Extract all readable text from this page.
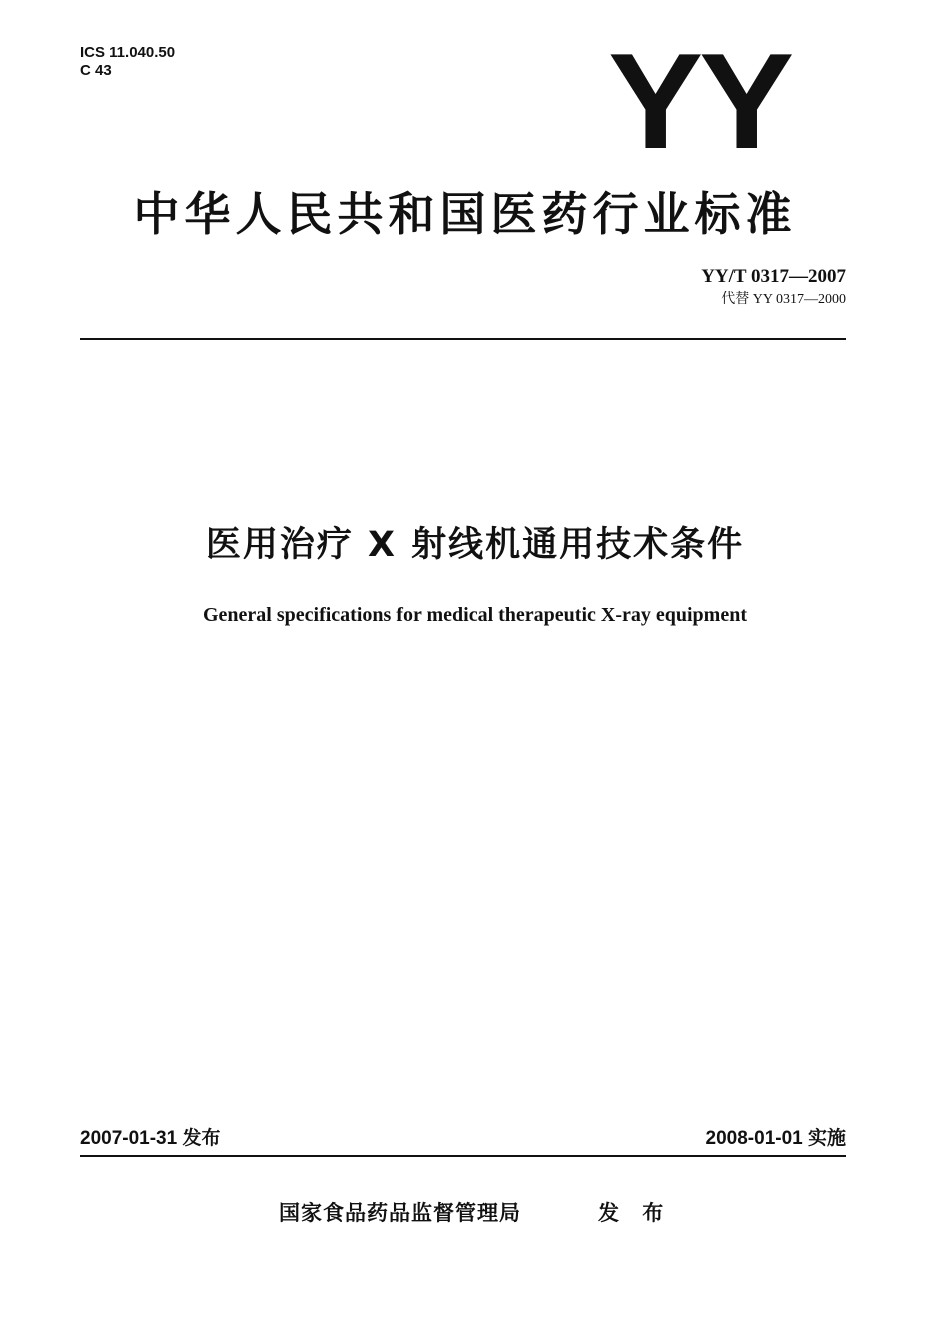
ICS 11.040.50
C 43	YY
中华人民共和国医药行业标准
YY/T 0317—2007
代替 YY 0317—2000
医用治疗 X 射线机通用技术条件
General specifications for medical therapeutic X-ray equipment
2007-01-31 发布	2008-01-01 实施
国家食品药品监督管理局	发 布
